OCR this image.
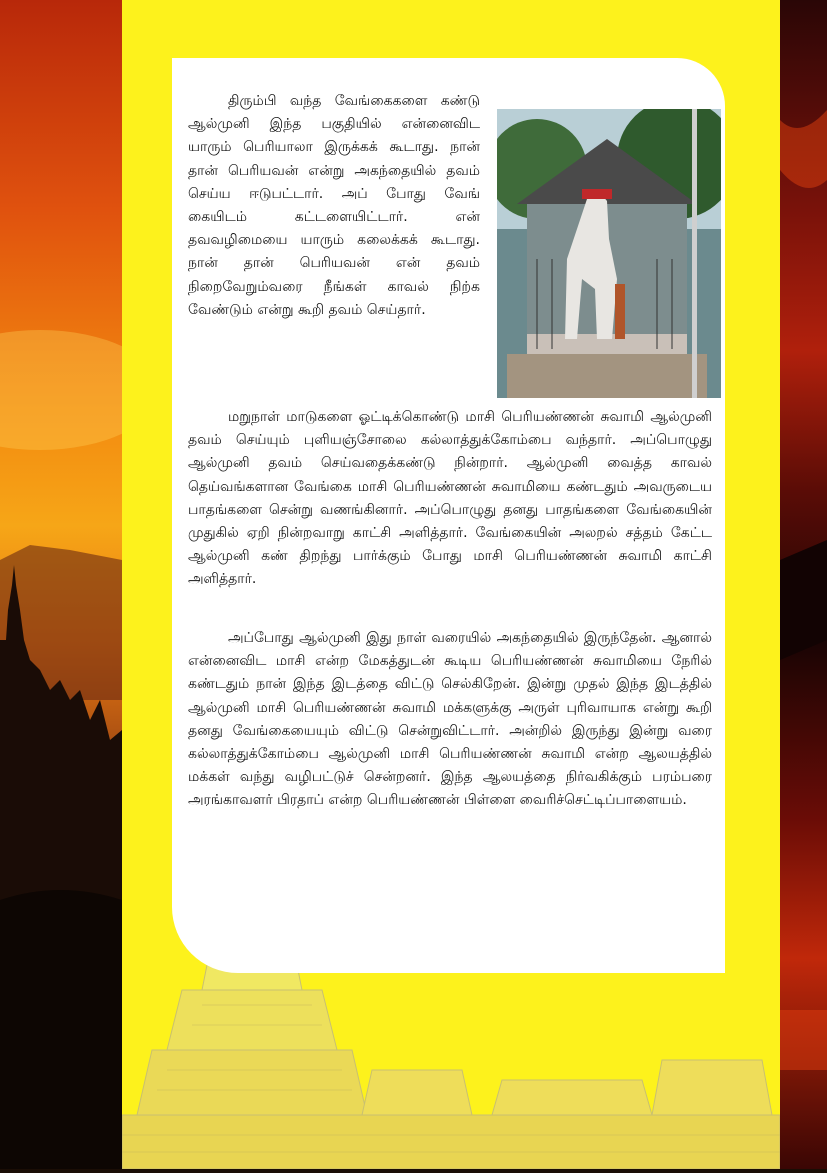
திரும்பி வந்த வேங்கைகளை கண்டு ஆல்முனி இந்த பகுதியில் என்னைவிட யாரும் பெரியாலா இருக்கக் கூடாது. நான் தான் பெரியவன் என்று அகந்தையில் தவம் செய்ய ஈடுபட்டார். அப் போது வேங் கையிடம் கட்டளையிட்டார். என் தவவழிமையை யாரும் கலைக்கக் கூடாது. நான் தான் பெரியவன் என் தவம் நிறைவேறும்வரை நீங்கள் காவல் நிற்க வேண்டும் என்று கூறி தவம் செய்தார்.

மறுநாள் மாடுகளை ஓட்டிக்கொண்டு மாசி பெரியண்ணன் சுவாமி ஆல்முனி தவம் செய்யும் புளியஞ்சோலை கல்லாத்துக்கோம்பை வந்தார். அப்பொழுது ஆல்முனி தவம் செய்வதைக்கண்டு நின்றார். ஆல்முனி வைத்த காவல் தெய்வங்களான வேங்கை மாசி பெரியண்ணன் சுவாமியை கண்டதும் அவருடைய பாதங்களை சென்று வணங்கினார். அப்பொழுது தனது பாதங்களை வேங்கையின் முதுகில் ஏறி நின்றவாறு காட்சி அளித்தார். வேங்கையின் அலறல் சத்தம் கேட்ட ஆல்முனி கண் திறந்து பார்க்கும் போது மாசி பெரியண்ணன் சுவாமி காட்சி அளித்தார்.

அப்போது ஆல்முனி இது நாள் வரையில் அகந்தையில் இருந்தேன். ஆனால் என்னைவிட மாசி என்ற மேகத்துடன் கூடிய பெரியண்ணன் சுவாமியை நேரில் கண்டதும் நான் இந்த இடத்தை விட்டு செல்கிறேன். இன்று முதல் இந்த இடத்தில் ஆல்முனி மாசி பெரியண்ணன் சுவாமி மக்களுக்கு அருள் புரிவாயாக என்று கூறி தனது வேங்கையையும் விட்டு சென்றுவிட்டார். அன்றில் இருந்து இன்று வரை கல்லாத்துக்கோம்பை ஆல்முனி மாசி பெரியண்ணன் சுவாமி என்ற ஆலயத்தில் மக்கள் வந்து வழிபட்டுச் சென்றனர். இந்த ஆலயத்தை நிர்வகிக்கும் பரம்பரை அரங்காவளர் பிரதாப் என்ற பெரியண்ணன் பிள்ளை வைரிச்செட்டிப்பாளையம்.
